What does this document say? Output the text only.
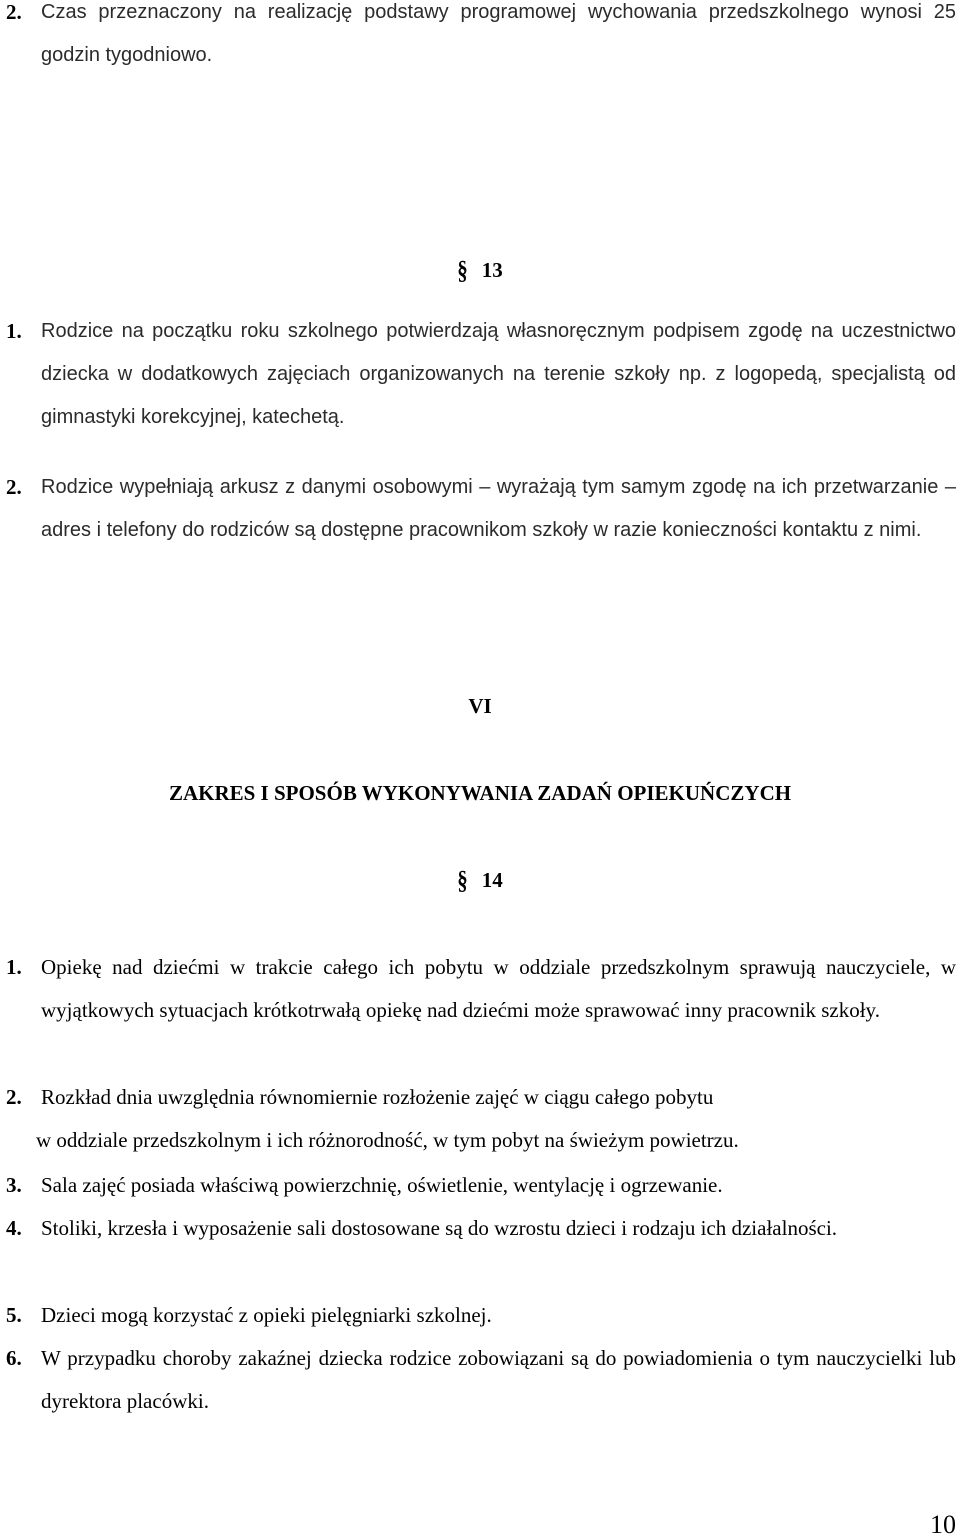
2. Czas przeznaczony na realizację podstawy programowej wychowania przedszkolnego wynosi 25 godzin tygodniowo.
§ 13
1. Rodzice na początku roku szkolnego potwierdzają własnoręcznym podpisem zgodę na uczestnictwo dziecka w dodatkowych zajęciach organizowanych na terenie szkoły np. z logopedą, specjalistą od gimnastyki korekcyjnej, katechetą.
2. Rodzice wypełniają arkusz z danymi osobowymi – wyrażają tym samym zgodę na ich przetwarzanie – adres i telefony do rodziców są dostępne pracownikom szkoły w razie konieczności kontaktu z nimi.
VI
ZAKRES I SPOSÓB WYKONYWANIA ZADAŃ OPIEKUŃCZYCH
§ 14
1. Opiekę nad dziećmi w trakcie całego ich pobytu w oddziale przedszkolnym sprawują nauczyciele, w wyjątkowych sytuacjach krótkotrwałą opiekę nad dziećmi może sprawować inny pracownik szkoły.
2. Rozkład dnia uwzględnia równomiernie rozłożenie zajęć w ciągu całego pobytu
w oddziale przedszkolnym i ich różnorodność, w tym pobyt na świeżym powietrzu.
3. Sala zajęć posiada właściwą powierzchnię, oświetlenie, wentylację i ogrzewanie.
4. Stoliki, krzesła i wyposażenie sali dostosowane są do wzrostu dzieci i rodzaju ich działalności.
5. Dzieci mogą korzystać z opieki pielęgniarki szkolnej.
6. W przypadku choroby zakaźnej dziecka rodzice zobowiązani są do powiadomienia o tym nauczycielki lub dyrektora placówki.
10
